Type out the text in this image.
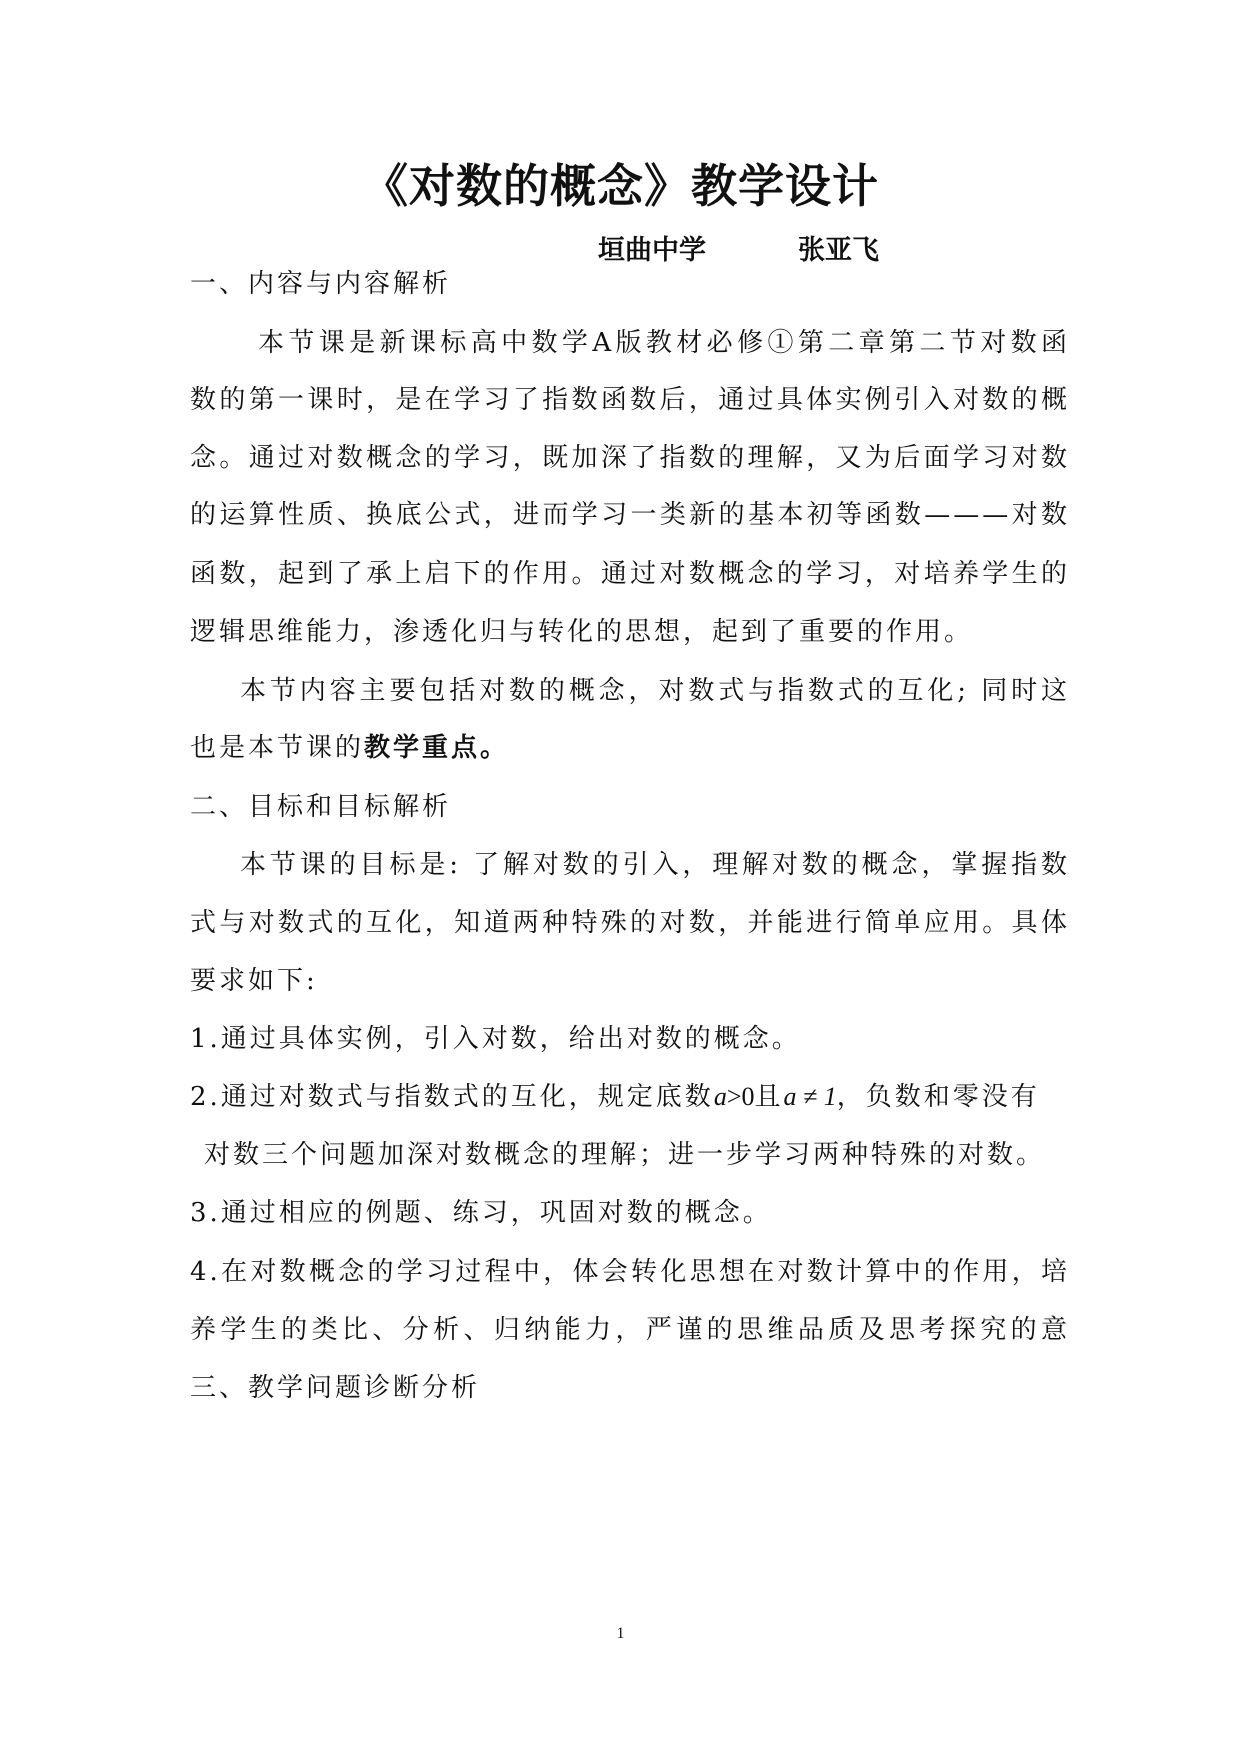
《对数的概念》教学设计
垣曲中学	张亚飞
一、内容与内容解析
本节课是新课标高中数学A版教材必修①第二章第二节对数函
数的第一课时，是在学习了指数函数后，通过具体实例引入对数的概
念。通过对数概念的学习，既加深了指数的理解，又为后面学习对数
的运算性质、换底公式，进而学习一类新的基本初等函数———对数
函数，起到了承上启下的作用。通过对数概念的学习，对培养学生的
逻辑思维能力，渗透化归与转化的思想，起到了重要的作用。
本节内容主要包括对数的概念，对数式与指数式的互化; 同时这
也是本节课的教学重点。
二、目标和目标解析
本节课的目标是: 了解对数的引入，理解对数的概念，掌握指数
式与对数式的互化，知道两种特殊的对数，并能进行简单应用。具体
要求如下:
1.通过具体实例，引入对数，给出对数的概念。
2.通过对数式与指数式的互化，规定底数a˃0且a ≠ 1，负数和零没有
对数三个问题加深对数概念的理解；进一步学习两种特殊的对数。
3.通过相应的例题、练习，巩固对数的概念。
4.在对数概念的学习过程中，体会转化思想在对数计算中的作用，培
养学生的类比、分析、归纳能力，严谨的思维品质及思考探究的意
三、教学问题诊断分析
1
